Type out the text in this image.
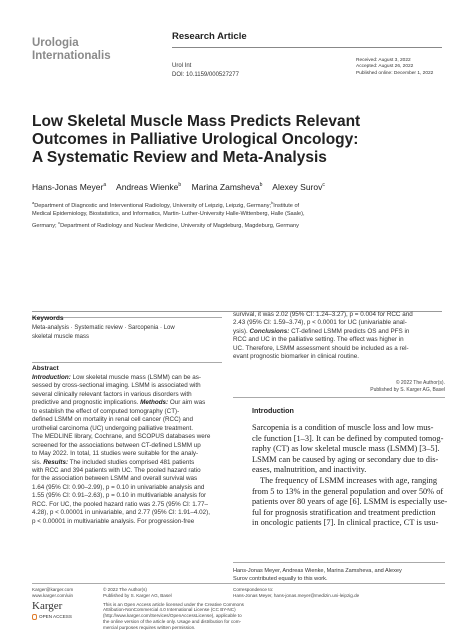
Urologia
Internationalis
Research Article
Urol Int
DOI: 10.1159/000527277
Received: August 3, 2022
Accepted: August 26, 2022
Published online: December 1, 2022
Low Skeletal Muscle Mass Predicts Relevant
Outcomes in Palliative Urological Oncology:
A Systematic Review and Meta-Analysis
Hans-Jonas Meyer$^a$ Andreas Wienke$^b$ Marina Zamsheva$^b$ Alexey Surov$^c$
$^a$Department of Diagnostic and Interventional Radiology, University of Leipzig, Leipzig, Germany;$^b$Institute of
Medical Epidemiology, Biostatistics, and Informatics, Martin- Luther-University Halle-Wittenberg, Halle (Saale),
Germany; $^c$Department of Radiology and Nuclear Medicine, University of Magdeburg, Magdeburg, Germany
Keywords
Meta-analysis · Systematic review · Sarcopenia · Low
skeletal muscle mass
Abstract
Introduction: Low skeletal muscle mass (LSMM) can be as-
sessed by cross-sectional imaging. LSMM is associated with
several clinically relevant factors in various disorders with
predictive and prognostic implications. Methods: Our aim was
to establish the effect of computed tomography (CT)-
defined LSMM on mortality in renal cell cancer (RCC) and
urothelial carcinoma (UC) undergoing palliative treatment.
The MEDLINE library, Cochrane, and SCOPUS databases were
screened for the associations between CT-defined LSMM up
to May 2022. In total, 11 studies were suitable for the analy-
sis. Results: The included studies comprised 481 patients
with RCC and 394 patients with UC. The pooled hazard ratio
for the association between LSMM and overall survival was
1.64 (95% CI: 0.90–2.99), p = 0.10 in univariable analysis and
1.55 (95% CI: 0.91–2.63), p = 0.10 in multivariable analysis for
RCC. For UC, the pooled hazard ratio was 2.75 (95% CI: 1.77–
4.28), p < 0.00001 in univariable, and 2.77 (95% CI: 1.91–4.02),
p < 0.00001 in multivariable analysis. For progression-free
survival, it was 2.02 (95% CI: 1.24–3.27), p = 0.004 for RCC and
2.43 (95% CI: 1.59–3.74), p < 0.0001 for UC (univariable anal-
ysis). Conclusions: CT-defined LSMM predicts OS and PFS in
RCC and UC in the palliative setting. The effect was higher in
UC. Therefore, LSMM assessment should be included as a rel-
evant prognostic biomarker in clinical routine.
© 2022 The Author(s).
Published by S. Karger AG, Basel
Introduction
Sarcopenia is a condition of muscle loss and low mus-
cle function [1–3]. It can be defined by computed tomog-
raphy (CT) as low skeletal muscle mass (LSMM) [3–5].
LSMM can be caused by aging or secondary due to dis-
eases, malnutrition, and inactivity.
The frequency of LSMM increases with age, ranging
from 5 to 13% in the general population and over 50% of
patients over 80 years of age [6]. LSMM is especially use-
ful for prognosis stratification and treatment prediction
in oncologic patients [7]. In clinical practice, CT is usu-
Hans-Jonas Meyer, Andreas Wienke, Marina Zamsheva, and Alexey
Surov contributed equally to this work.
Karger@karger.com
www.karger.com/uin
© 2022 The Author(s)
Published by S. Karger AG, Basel
This is an Open Access article licensed under the Creative Commons
Attribution-NonCommercial 4.0 International License (CC BY-NC)
(http://www.karger.com/Services/OpenAccessLicense), applicable to
the online version of the article only. Usage and distribution for com-
mercial purposes requires written permission.
Correspondence to:
Hans-Jonas Meyer, hans-jonas.meyer@medizin.uni-leipzig.de
Karger
OPEN ACCESS
